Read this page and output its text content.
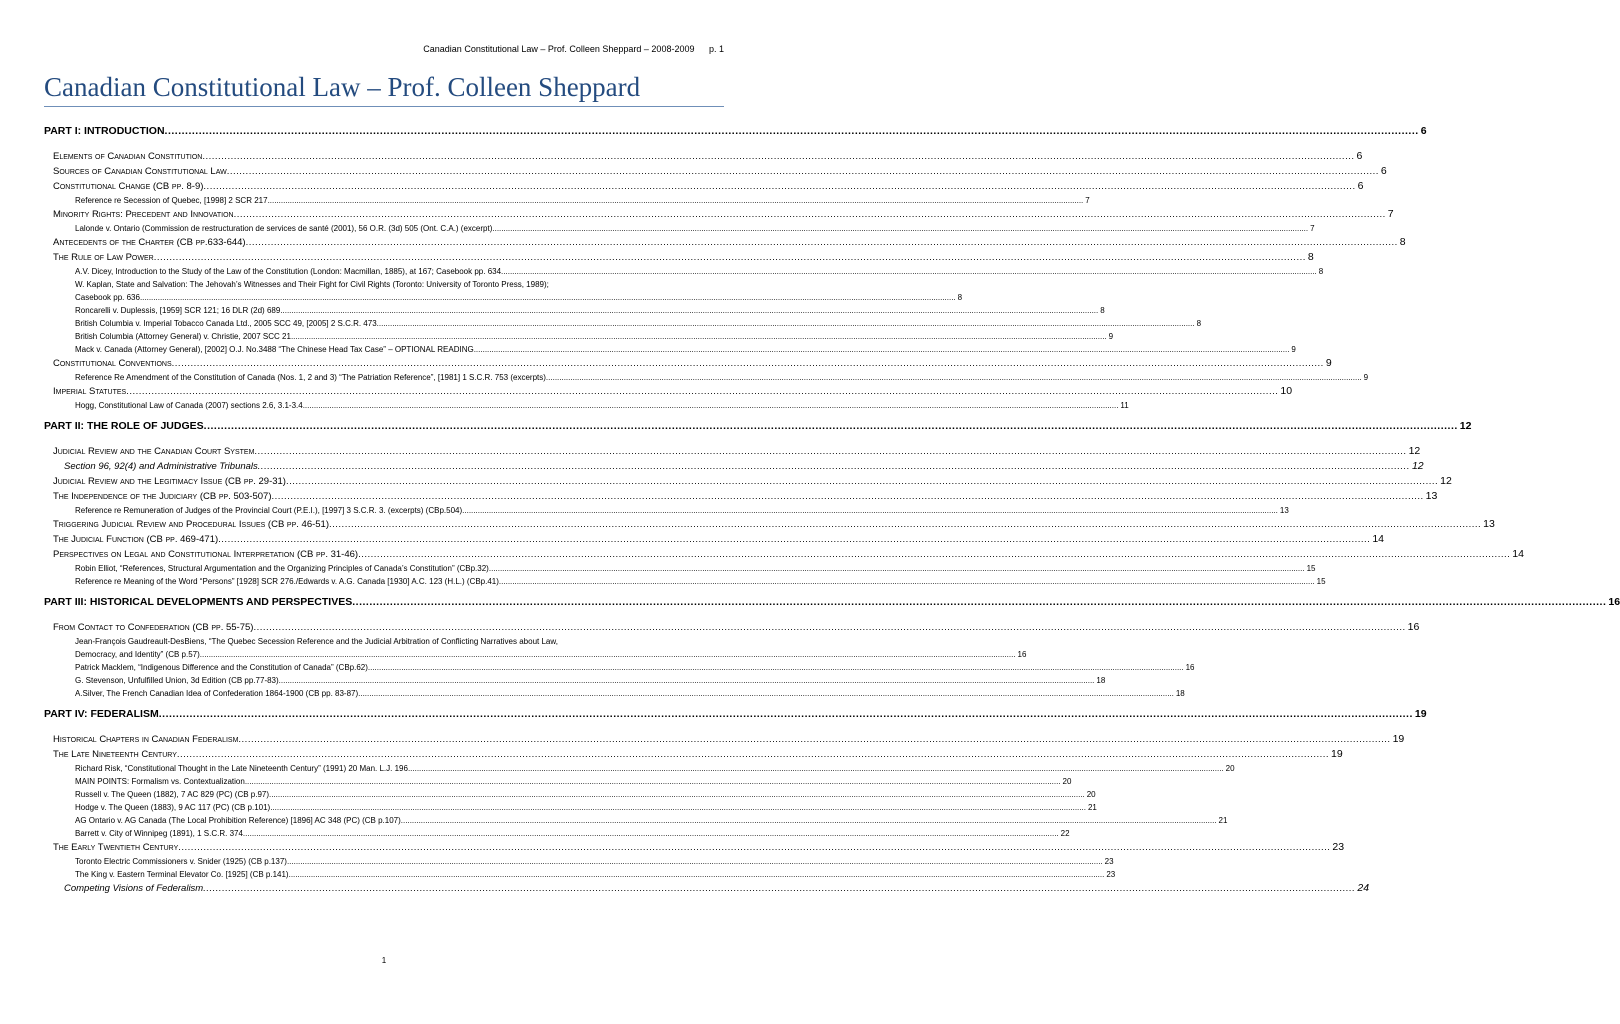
Canadian Constitutional Law – Prof. Colleen Sheppard – 2008-2009 p. 1
Canadian Constitutional Law – Prof. Colleen Sheppard
PART I: INTRODUCTION .....	6
Elements of Canadian Constitution .....	6
Sources of Canadian Constitutional Law .....	6
Constitutional Change (CB pp. 8-9) .....	6
Reference re Secession of Quebec, [1998] 2 SCR 217 .....	7
Minority Rights: Precedent and Innovation .....	7
Lalonde v. Ontario (Commission de restructuration de services de santé (2001), 56 O.R. (3d) 505 (Ont. C.A.) (excerpt) .....	7
Antecedents of the Charter (CB pp.633-644) .....	8
The Rule of Law Power .....	8
A.V. Dicey, Introduction to the Study of the Law of the Constitution (London: Macmillan, 1885), at 167; Casebook pp. 634 .....	8
W. Kaplan, State and Salvation: The Jehovah’s Witnesses and Their Fight for Civil Rights (Toronto: University of Toronto Press, 1989);
Casebook pp. 636 .....	8
Roncarelli v. Duplessis, [1959] SCR 121; 16 DLR (2d) 689. .....	8
British Columbia v. Imperial Tobacco Canada Ltd., 2005 SCC 49, [2005] 2 S.C.R. 473. .....	8
British Columbia (Attorney General) v. Christie, 2007 SCC 21 .....	9
Mack v. Canada (Attorney General), [2002] O.J. No.3488 “The Chinese Head Tax Case” – OPTIONAL READING .....	9
Constitutional Conventions .....	9
Reference Re Amendment of the Constitution of Canada (Nos. 1, 2 and 3) “The Patriation Reference”, [1981] 1 S.C.R. 753 (excerpts) .....	9
Imperial Statutes .....	10
Hogg, Constitutional Law of Canada (2007) sections 2.6, 3.1-3.4 .....	11
PART II: THE ROLE OF JUDGES .....	12
Judicial Review and the Canadian Court System .....	12
Section 96, 92(4) and Administrative Tribunals .....	12
Judicial Review and the Legitimacy Issue (CB pp. 29-31) .....	12
The Independence of the Judiciary (CB pp. 503-507) .....	13
Reference re Remuneration of Judges of the Provincial Court (P.E.I.), [1997] 3 S.C.R. 3. (excerpts) (CBp.504) .....	13
Triggering Judicial Review and Procedural Issues (CB pp. 46-51) .....	13
The Judicial Function (CB pp. 469-471) .....	14
Perspectives on Legal and Constitutional Interpretation (CB pp. 31-46) .....	14
Robin Elliot, “References, Structural Argumentation and the Organizing Principles of Canada’s Constitution” (CBp.32) .....	15
Reference re Meaning of the Word “Persons” [1928] SCR 276./Edwards v. A.G. Canada [1930] A.C. 123 (H.L.) (CBp.41) .....	15
PART III: HISTORICAL DEVELOPMENTS AND PERSPECTIVES .....	16
From Contact to Confederation (CB pp. 55-75) .....	16
Jean-François Gaudreault-DesBiens, “The Quebec Secession Reference and the Judicial Arbitration of Conflicting Narratives about Law,
Democracy, and Identity” (CB p.57) .....	16
Patrick Macklem, “Indigenous Difference and the Constitution of Canada” (CBp.62) .....	16
G. Stevenson, Unfulfilled Union, 3d Edition (CB pp.77-83) .....	18
A.Silver, The French Canadian Idea of Confederation 1864-1900 (CB pp. 83-87) .....	18
PART IV: FEDERALISM .....	19
Historical Chapters in Canadian Federalism .....	19
The Late Nineteenth Century .....	19
Richard Risk, “Constitutional Thought in the Late Nineteenth Century” (1991) 20 Man. L.J. 196 .....	20
MAIN POINTS: Formalism vs. Contextualization .....	20
Russell v. The Queen (1882), 7 AC 829 (PC) (CB p.97) .....	20
Hodge v. The Queen (1883), 9 AC 117 (PC) (CB p.101) .....	21
AG Ontario v. AG Canada (The Local Prohibition Reference) [1896] AC 348 (PC) (CB p.107) .....	21
Barrett v. City of Winnipeg (1891), 1 S.C.R. 374 .....	22
The Early Twentieth Century .....	23
Toronto Electric Commissioners v. Snider (1925) (CB p.137) .....	23
The King v. Eastern Terminal Elevator Co. [1925] (CB p.141) .....	23
Competing Visions of Federalism .....	24
1
